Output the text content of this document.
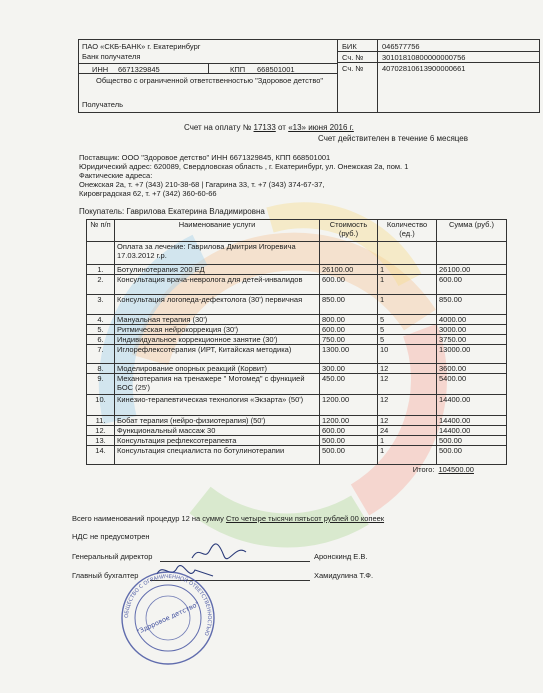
ПАО «СКБ-БАНК» г. Екатеринбург
Банк получателя
ИНН	6671329845	КПП	668501001
Общество с ограниченной ответственностью "Здоровое детство"
Получатель
БИК	046577756
Сч. №	30101810800000000756
Сч. №	40702810613900000661
Счет на оплату № 17133 от «13» июня 2016 г.
Счет действителен в течение 6 месяцев
Поставщик: ООО "Здоровое детство" ИНН 6671329845, КПП 668501001
Юридический адрес: 620089, Свердловская область , г. Екатеринбург, ул. Онежская 2а, пом. 1
Фактические адреса:
Онежская 2а, т. +7 (343) 210-38-68 | Гагарина 33, т. +7 (343) 374-67-37,
Кировградская 62, т. +7 (342) 360-60-66
Покупатель: Гаврилова Екатерина Владимировна
№ п/п	Наименование услуги	Стоимость (руб.)	Количество (ед.)	Сумма (руб.)
	Оплата за лечение: Гаврилова Дмитрия Игоревича 17.03.2012 г.р.			
1.	Ботулинотерапия 200 ЕД	26100.00	1	26100.00
2.	Консультация врача-невролога для детей-инвалидов	600.00	1	600.00
3.	Консультация логопеда-дефектолога (30') первичная	850.00	1	850.00
4.	Мануальная терапия (30')	800.00	5	4000.00
5.	Ритмическая нейрокоррекция (30')	600.00	5	3000.00
6.	Индивидуальное коррекционное занятие (30')	750.00	5	3750.00
7.	Иглорефлексотерапия (ИРТ, Китайская методика)	1300.00	10	13000.00
8.	Моделирование опорных реакций (Корвит)	300.00	12	3600.00
9.	Механотерапия на тренажере " Мотомед" с функцией БОС (25')	450.00	12	5400.00
10.	Кинезио-терапевтическая технология «Экзарта» (50')	1200.00	12	14400.00
11.	Бобат терапия (нейро-физиотерапия) (50')	1200.00	12	14400.00
12.	Функциональный массаж 30	600.00	24	14400.00
13.	Консультация рефлексотерапевта	500.00	1	500.00
14.	Консультация специалиста по ботулинотерапии	500.00	1	500.00
			Итого:	104500.00
Всего наименований процедур 12 на сумму Сто четыре тысячи пятьсот рублей 00 копеек
НДС не предусмотрен
Генеральный директор	Аронскинд Е.В.
Главный бухгалтер	Хамидулина Т.Ф.
ОБЩЕСТВО С ОГРАНИЧЕННОЙ ОТВЕТСТВЕННОСТЬЮ
"Здоровое детство"
